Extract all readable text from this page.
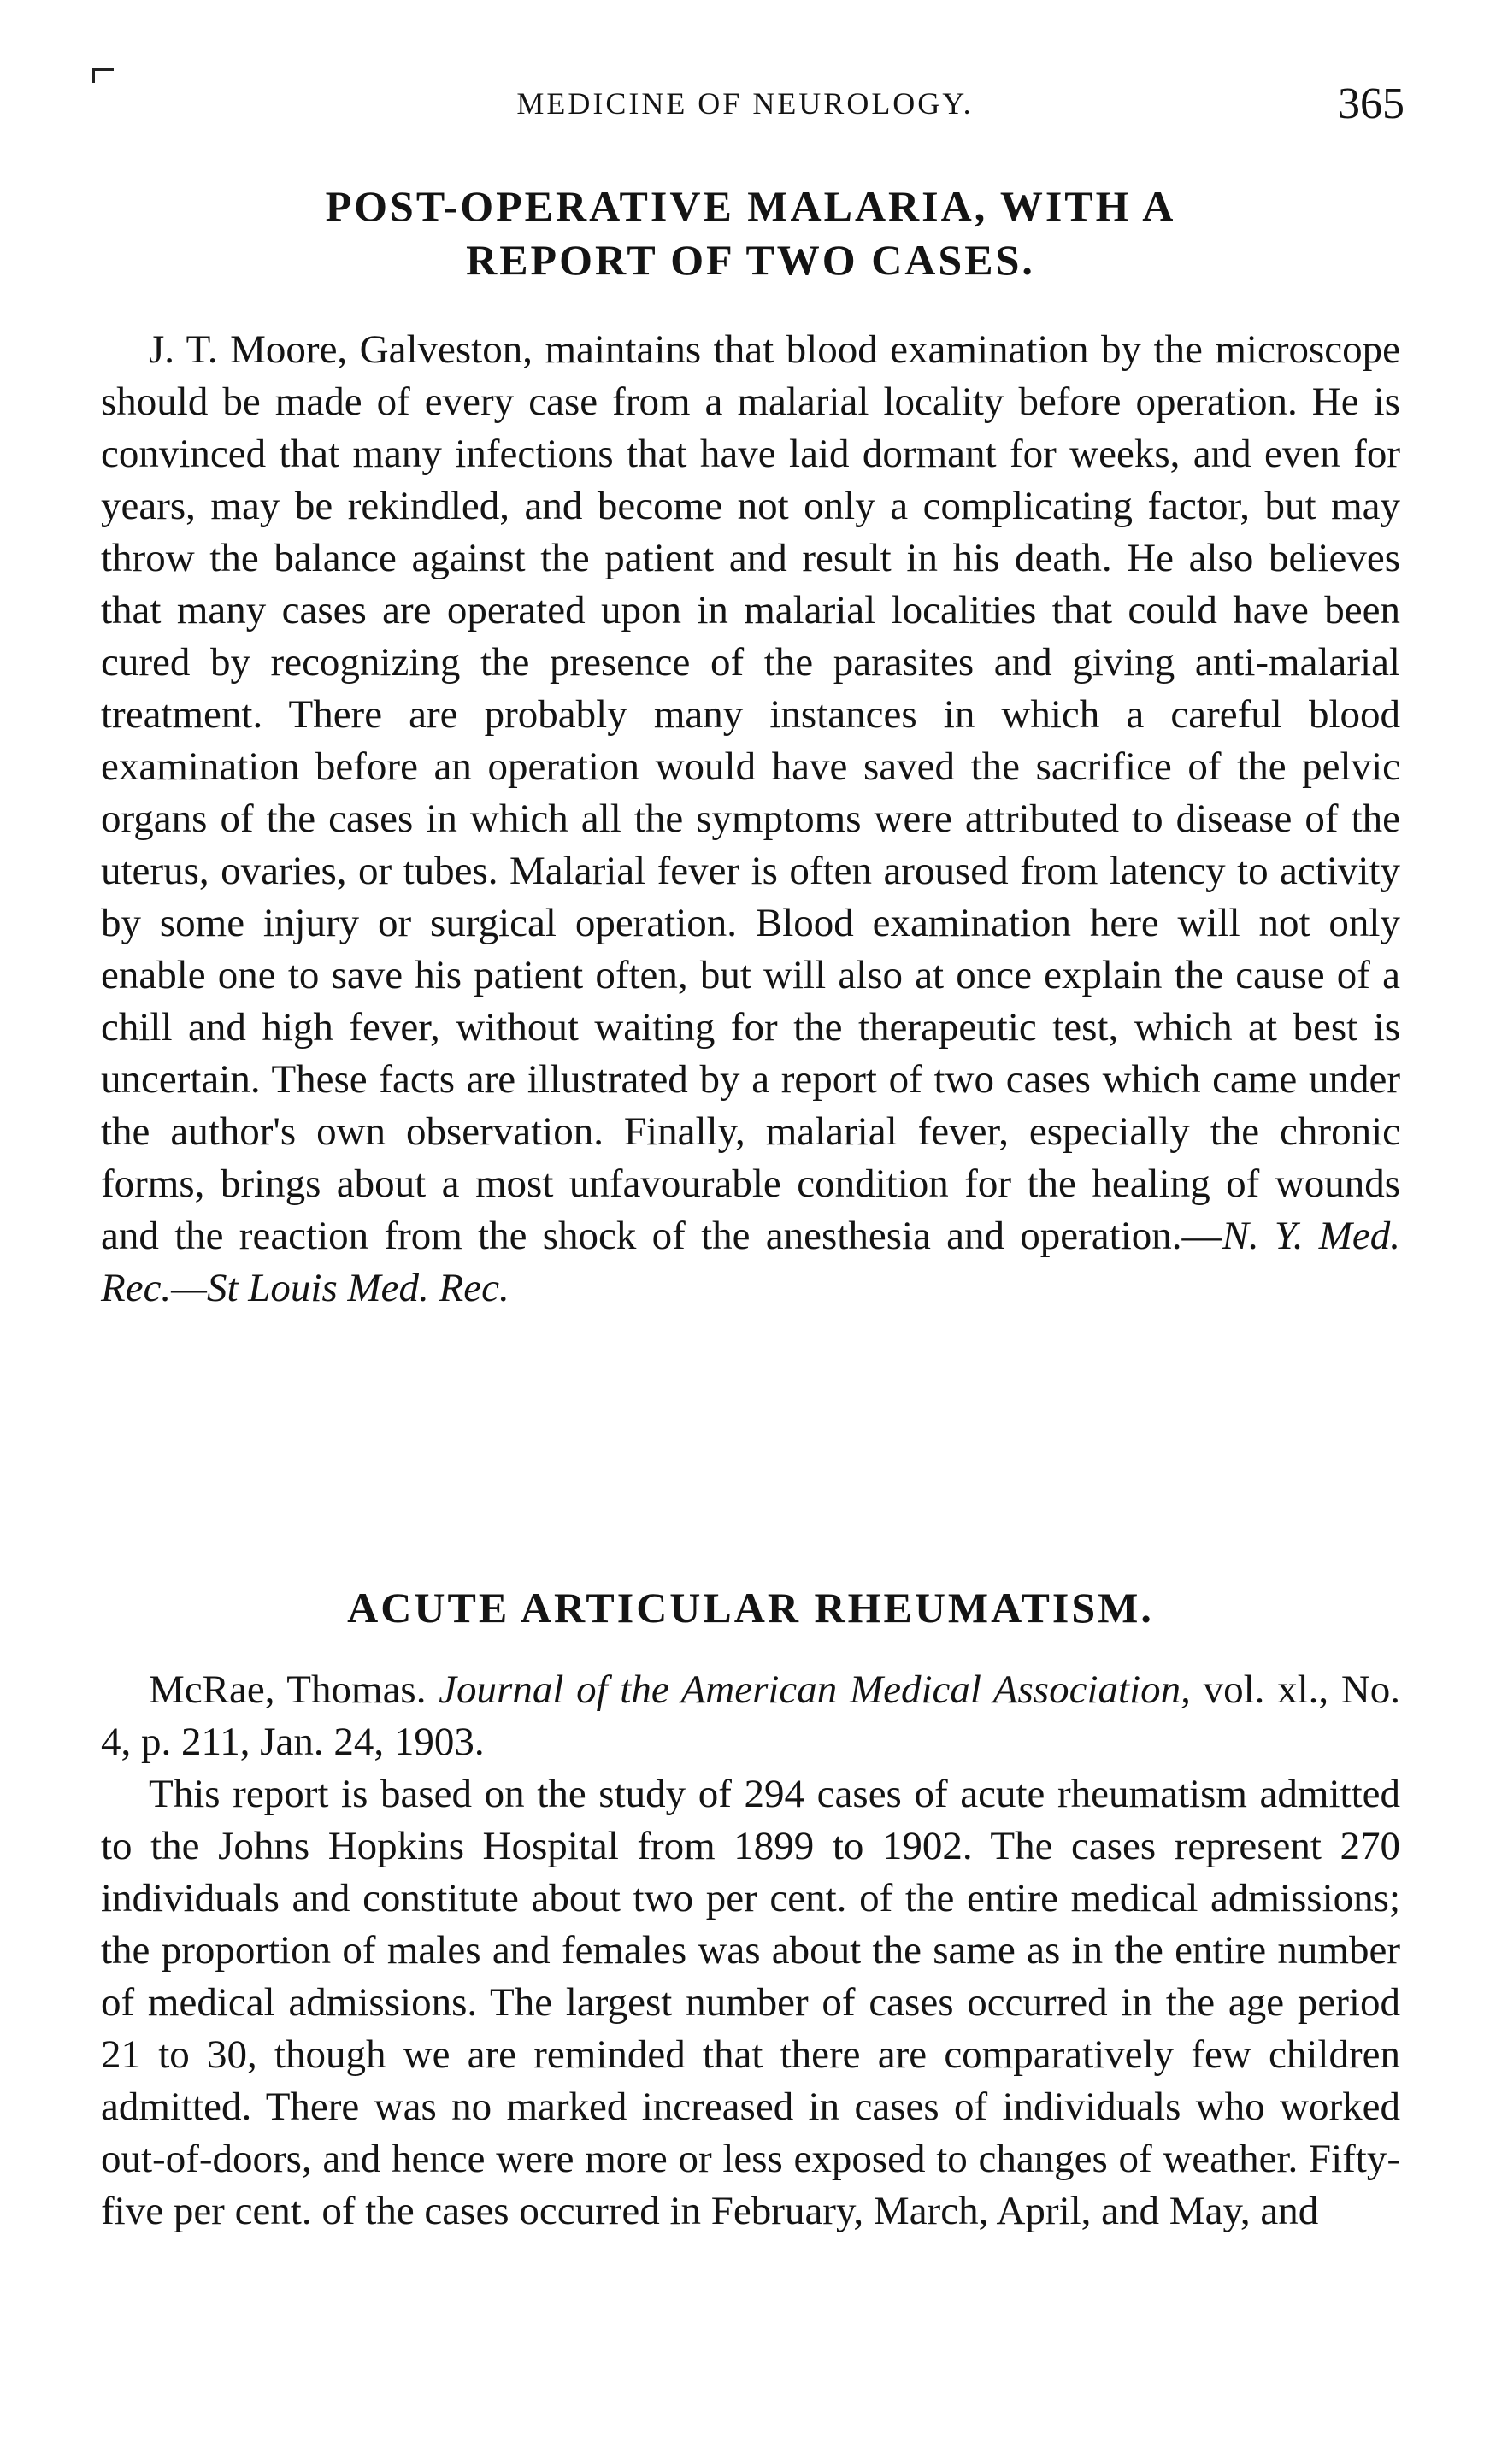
MEDICINE OF NEUROLOGY.	365
POST-OPERATIVE MALARIA, WITH A
REPORT OF TWO CASES.

J. T. Moore, Galveston, maintains that blood examination by the microscope should be made of every case from a malarial locality before operation. He is convinced that many infections that have laid dormant for weeks, and even for years, may be rekindled, and become not only a complicating factor, but may throw the balance against the patient and result in his death. He also believes that many cases are operated upon in malarial localities that could have been cured by recognizing the presence of the parasites and giving anti-malarial treatment. There are probably many instances in which a careful blood examination before an operation would have saved the sacrifice of the pelvic organs of the cases in which all the symptoms were attributed to disease of the uterus, ovaries, or tubes. Malarial fever is often aroused from latency to activity by some injury or surgical operation. Blood examination here will not only enable one to save his patient often, but will also at once explain the cause of a chill and high fever, without waiting for the therapeutic test, which at best is uncertain. These facts are illustrated by a report of two cases which came under the author's own observation. Finally, malarial fever, especially the chronic forms, brings about a most unfavourable condition for the healing of wounds and the reaction from the shock of the anesthesia and operation.—N. Y. Med. Rec.—St Louis Med. Rec.

ACUTE ARTICULAR RHEUMATISM.

McRae, Thomas. Journal of the American Medical Association, vol. xl., No. 4, p. 211, Jan. 24, 1903.

This report is based on the study of 294 cases of acute rheumatism admitted to the Johns Hopkins Hospital from 1899 to 1902. The cases represent 270 individuals and constitute about two per cent. of the entire medical admissions; the proportion of males and females was about the same as in the entire number of medical admissions. The largest number of cases occurred in the age period 21 to 30, though we are reminded that there are comparatively few children admitted. There was no marked increased in cases of individuals who worked out-of-doors, and hence were more or less exposed to changes of weather. Fifty-five per cent. of the cases occurred in February, March, April, and May, and
